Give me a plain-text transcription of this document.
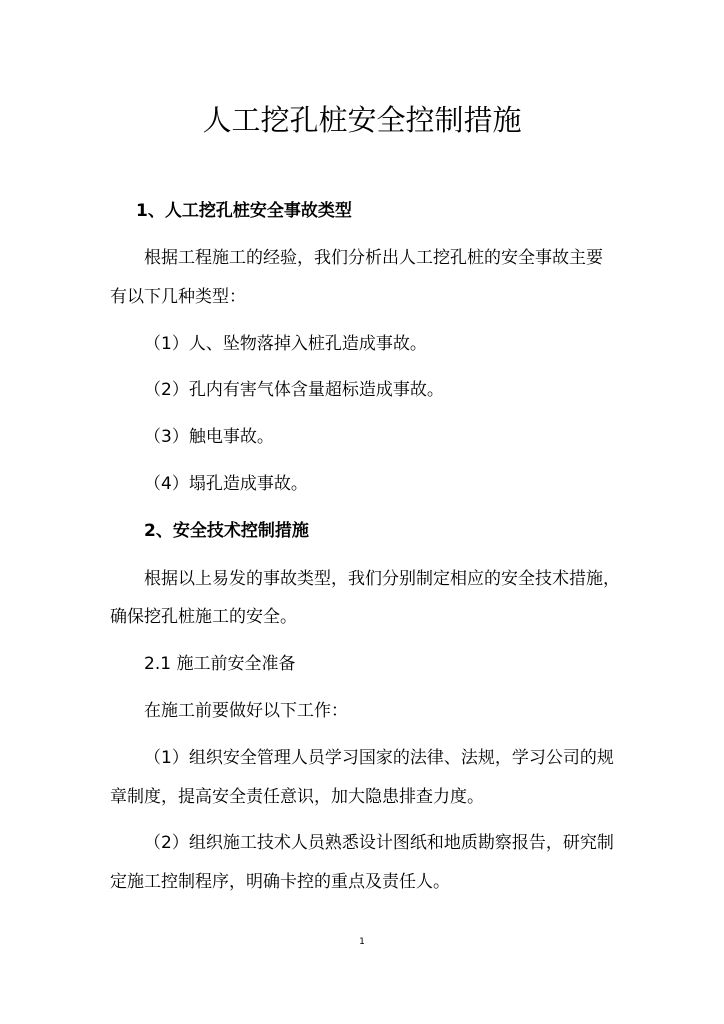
人工挖孔桩安全控制措施
1、人工挖孔桩安全事故类型
根据工程施工的经验，我们分析出人工挖孔桩的安全事故主要
有以下几种类型：
（1）人、坠物落掉入桩孔造成事故。
（2）孔内有害气体含量超标造成事故。
（3）触电事故。
（4）塌孔造成事故。
2、安全技术控制措施
根据以上易发的事故类型，我们分别制定相应的安全技术措施，
确保挖孔桩施工的安全。
2.1 施工前安全准备
在施工前要做好以下工作：
（1）组织安全管理人员学习国家的法律、法规，学习公司的规
章制度，提高安全责任意识，加大隐患排查力度。
（2）组织施工技术人员熟悉设计图纸和地质勘察报告，研究制
定施工控制程序，明确卡控的重点及责任人。
1
